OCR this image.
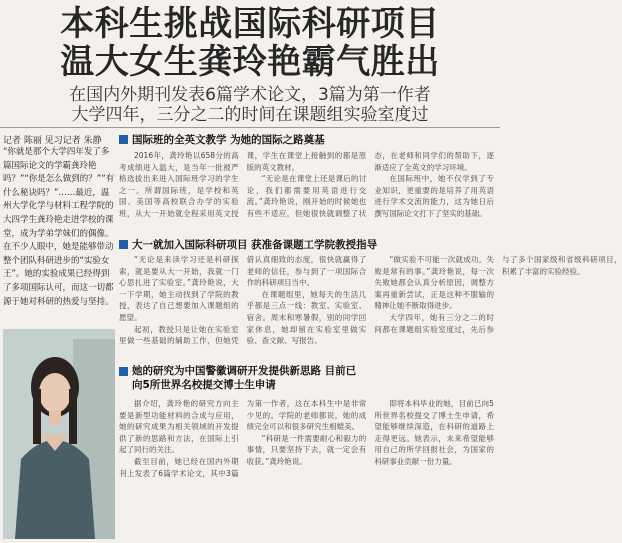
本科生挑战国际科研项目
温大女生龚玲艳霸气胜出
在国内外期刊发表6篇学术论文，3篇为第一作者
大学四年，三分之二的时间在课题组实验室度过
记者 陈丽 见习记者 朱静
“你就是那个大学四年发了多篇国际论文的学霸龚玲艳吗？”“你是怎么做到的？”“有什么秘诀吗？”……最近，温州大学化学与材料工程学院的大四学生龚玲艳走进学校的课堂，成为学弟学妹们的偶像。在不少人眼中，她是能够带动整个团队科研进步的“实验女王”。她的实验成果已经得到了多项国际认可，而这一切都源于她对科研的热爱与坚持。
国际班的全英文教学 为她的国际之路奠基

2016年，龚玲艳以658分的高考成绩进入温大，是当年一批被严格选拔出来进入国际班学习的学生之一。所谓国际班，是学校和英国、美国等高校联合办学的实验班，从大一开始就全程采用英文授课，学生在课堂上接触到的都是原版的英文教材。

“无论是在课堂上还是课后的讨论，我们都需要用英语进行交流。”龚玲艳说，刚开始的时候她也有些不适应，但她很快就调整了状态，在老师和同学们的帮助下，逐渐适应了全英文的学习环境。

在国际班中，她不仅学到了专业知识，更重要的是培养了用英语进行学术交流的能力，这为她日后撰写国际论文打下了坚实的基础。

大一就加入国际科研项目 获准备课题工学院教授指导

“无论是来读学习还是科研探索，就是要从大一开始，我就一门心思扎进了实验室。”龚玲艳说，大一下学期，她主动找到了学院的教授，表达了自己想要加入课题组的愿望。

起初，教授只是让她在实验室里做一些基础的辅助工作，但她凭借认真细致的态度，很快就赢得了老师的信任，参与到了一项国际合作的科研项目当中。

在课题组里，她每天的生活几乎都是三点一线：教室、实验室、宿舍。周末和寒暑假，别的同学回家休息，她却留在实验室里做实验、查文献、写报告。

“做实验不可能一次就成功，失败是常有的事。”龚玲艳说，每一次失败她都会认真分析原因，调整方案再重新尝试，正是这种不服输的精神让她不断取得进步。

大学四年，她有三分之二的时间都在课题组实验室度过，先后参与了多个国家级和省级科研项目，积累了丰富的实验经验。

她的研究为中国警徽调研开发提供新思路 目前已向5所世界名校提交博士生申请

据介绍，龚玲艳的研究方向主要是新型功能材料的合成与应用，她的研究成果为相关领域的开发提供了新的思路和方法，在国际上引起了同行的关注。

截至目前，她已经在国内外期刊上发表了6篇学术论文，其中3篇为第一作者，这在本科生中是非常少见的。学院的老师都说，她的成绩完全可以和很多研究生相媲美。

“科研是一件需要耐心和毅力的事情，只要坚持下去，就一定会有收获。”龚玲艳说。

即将本科毕业的她，目前已向5所世界名校提交了博士生申请，希望能够继续深造，在科研的道路上走得更远。她表示，未来希望能够用自己的所学回报社会，为国家的科研事业贡献一份力量。
